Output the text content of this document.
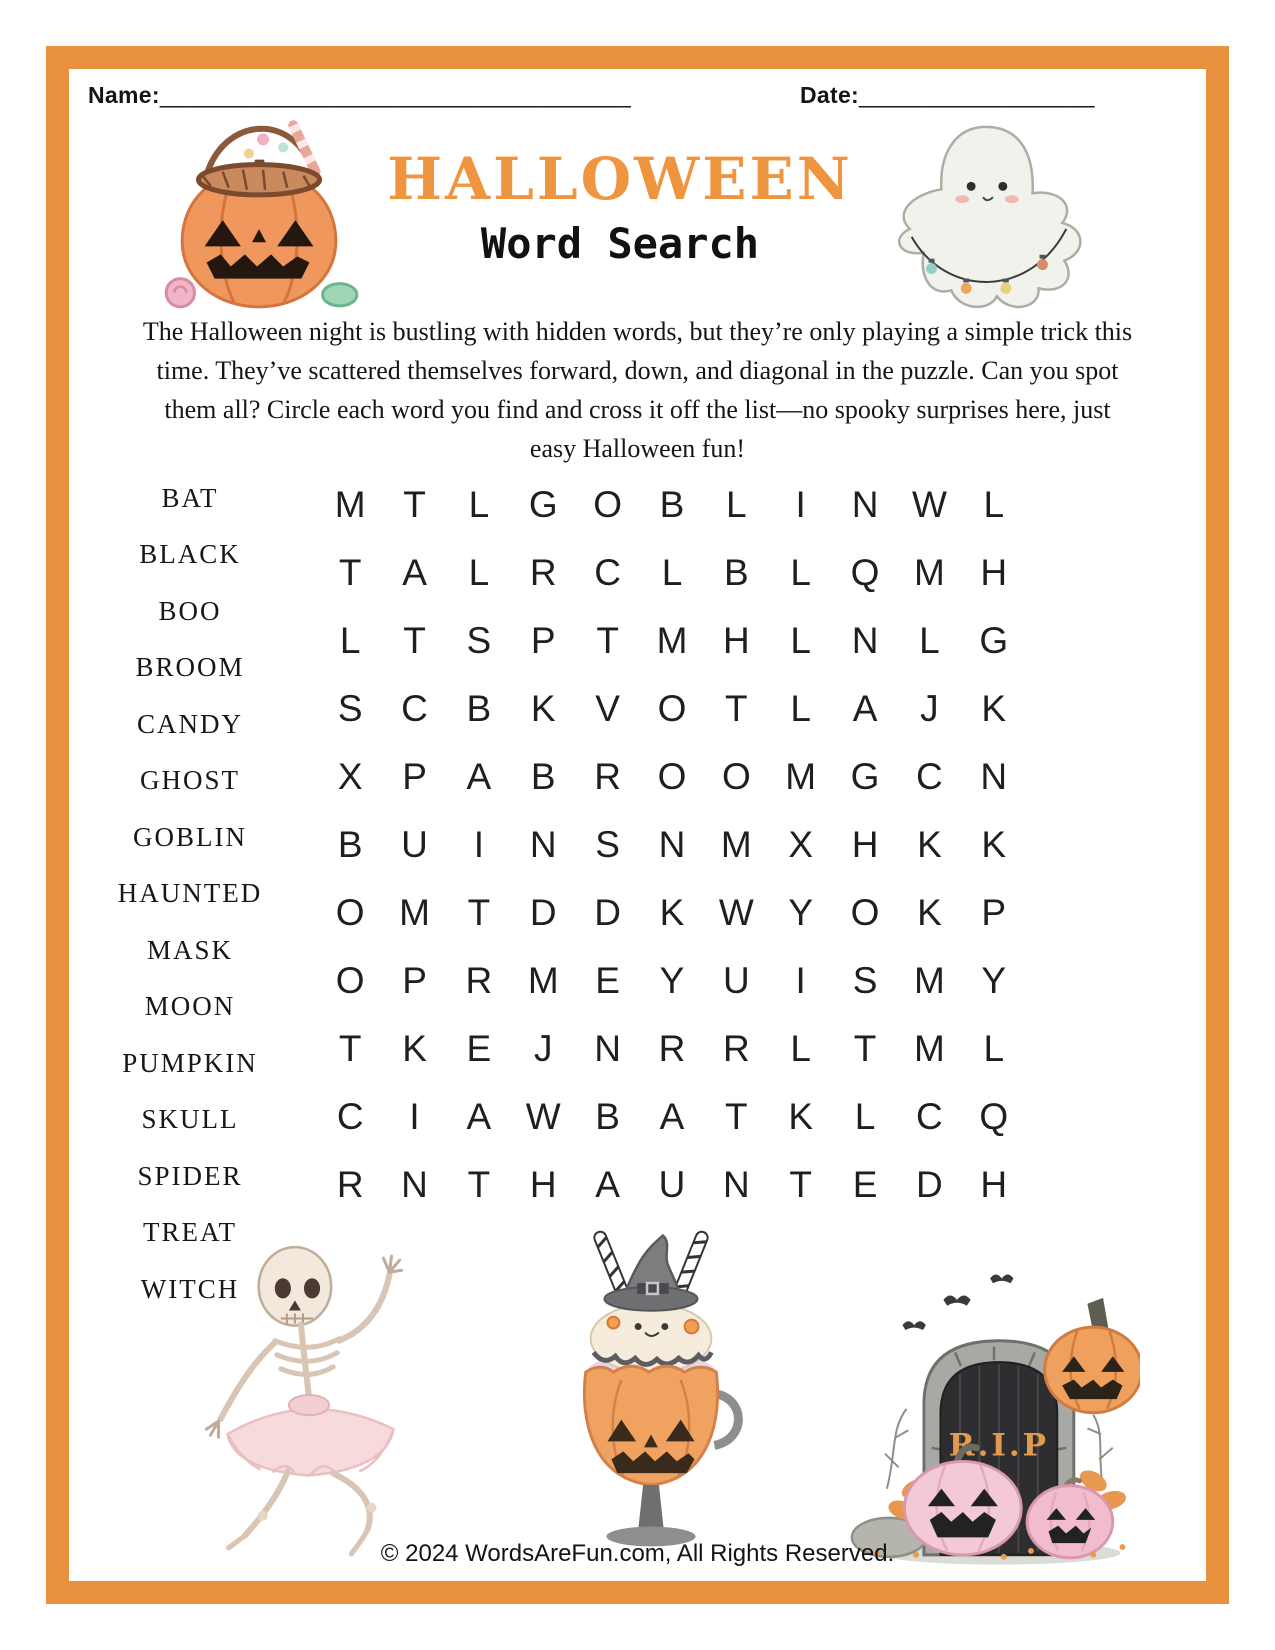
Name:____________________________________	Date:__________________
HALLOWEEN
Word Search
The Halloween night is bustling with hidden words, but they’re only playing a simple trick this
time. They’ve scattered themselves forward, down, and diagonal in the puzzle. Can you spot
them all? Circle each word you find and cross it off the list—no spooky surprises here, just
easy Halloween fun!
BAT
BLACK
BOO
BROOM
CANDY
GHOST
GOBLIN
HAUNTED
MASK
MOON
PUMPKIN
SKULL
SPIDER
TREAT
WITCH
M	T	L	G O	B	L	I	N W L
T	A	L	R	C	L	B	L	Q M H
L	T	S	P	T	M H	L	N	L	G
S	C	B	K	V	O	T	L	A	J	K
X	P	A	B	R O O M G C	N
B	U	I	N	S	N M X	H	K	K
O M	T	D	D	K W Y	O	K	P
O	P	R M E	Y	U	I	S M Y
T	K	E	J	N	R	R	L	T	M	L
C	I	A W B	A	T	K	L	C Q
R	N	T	H	A	U	N	T	E	D	H
R.I.P
© 2024 WordsAreFun.com, All Rights Reserved.
